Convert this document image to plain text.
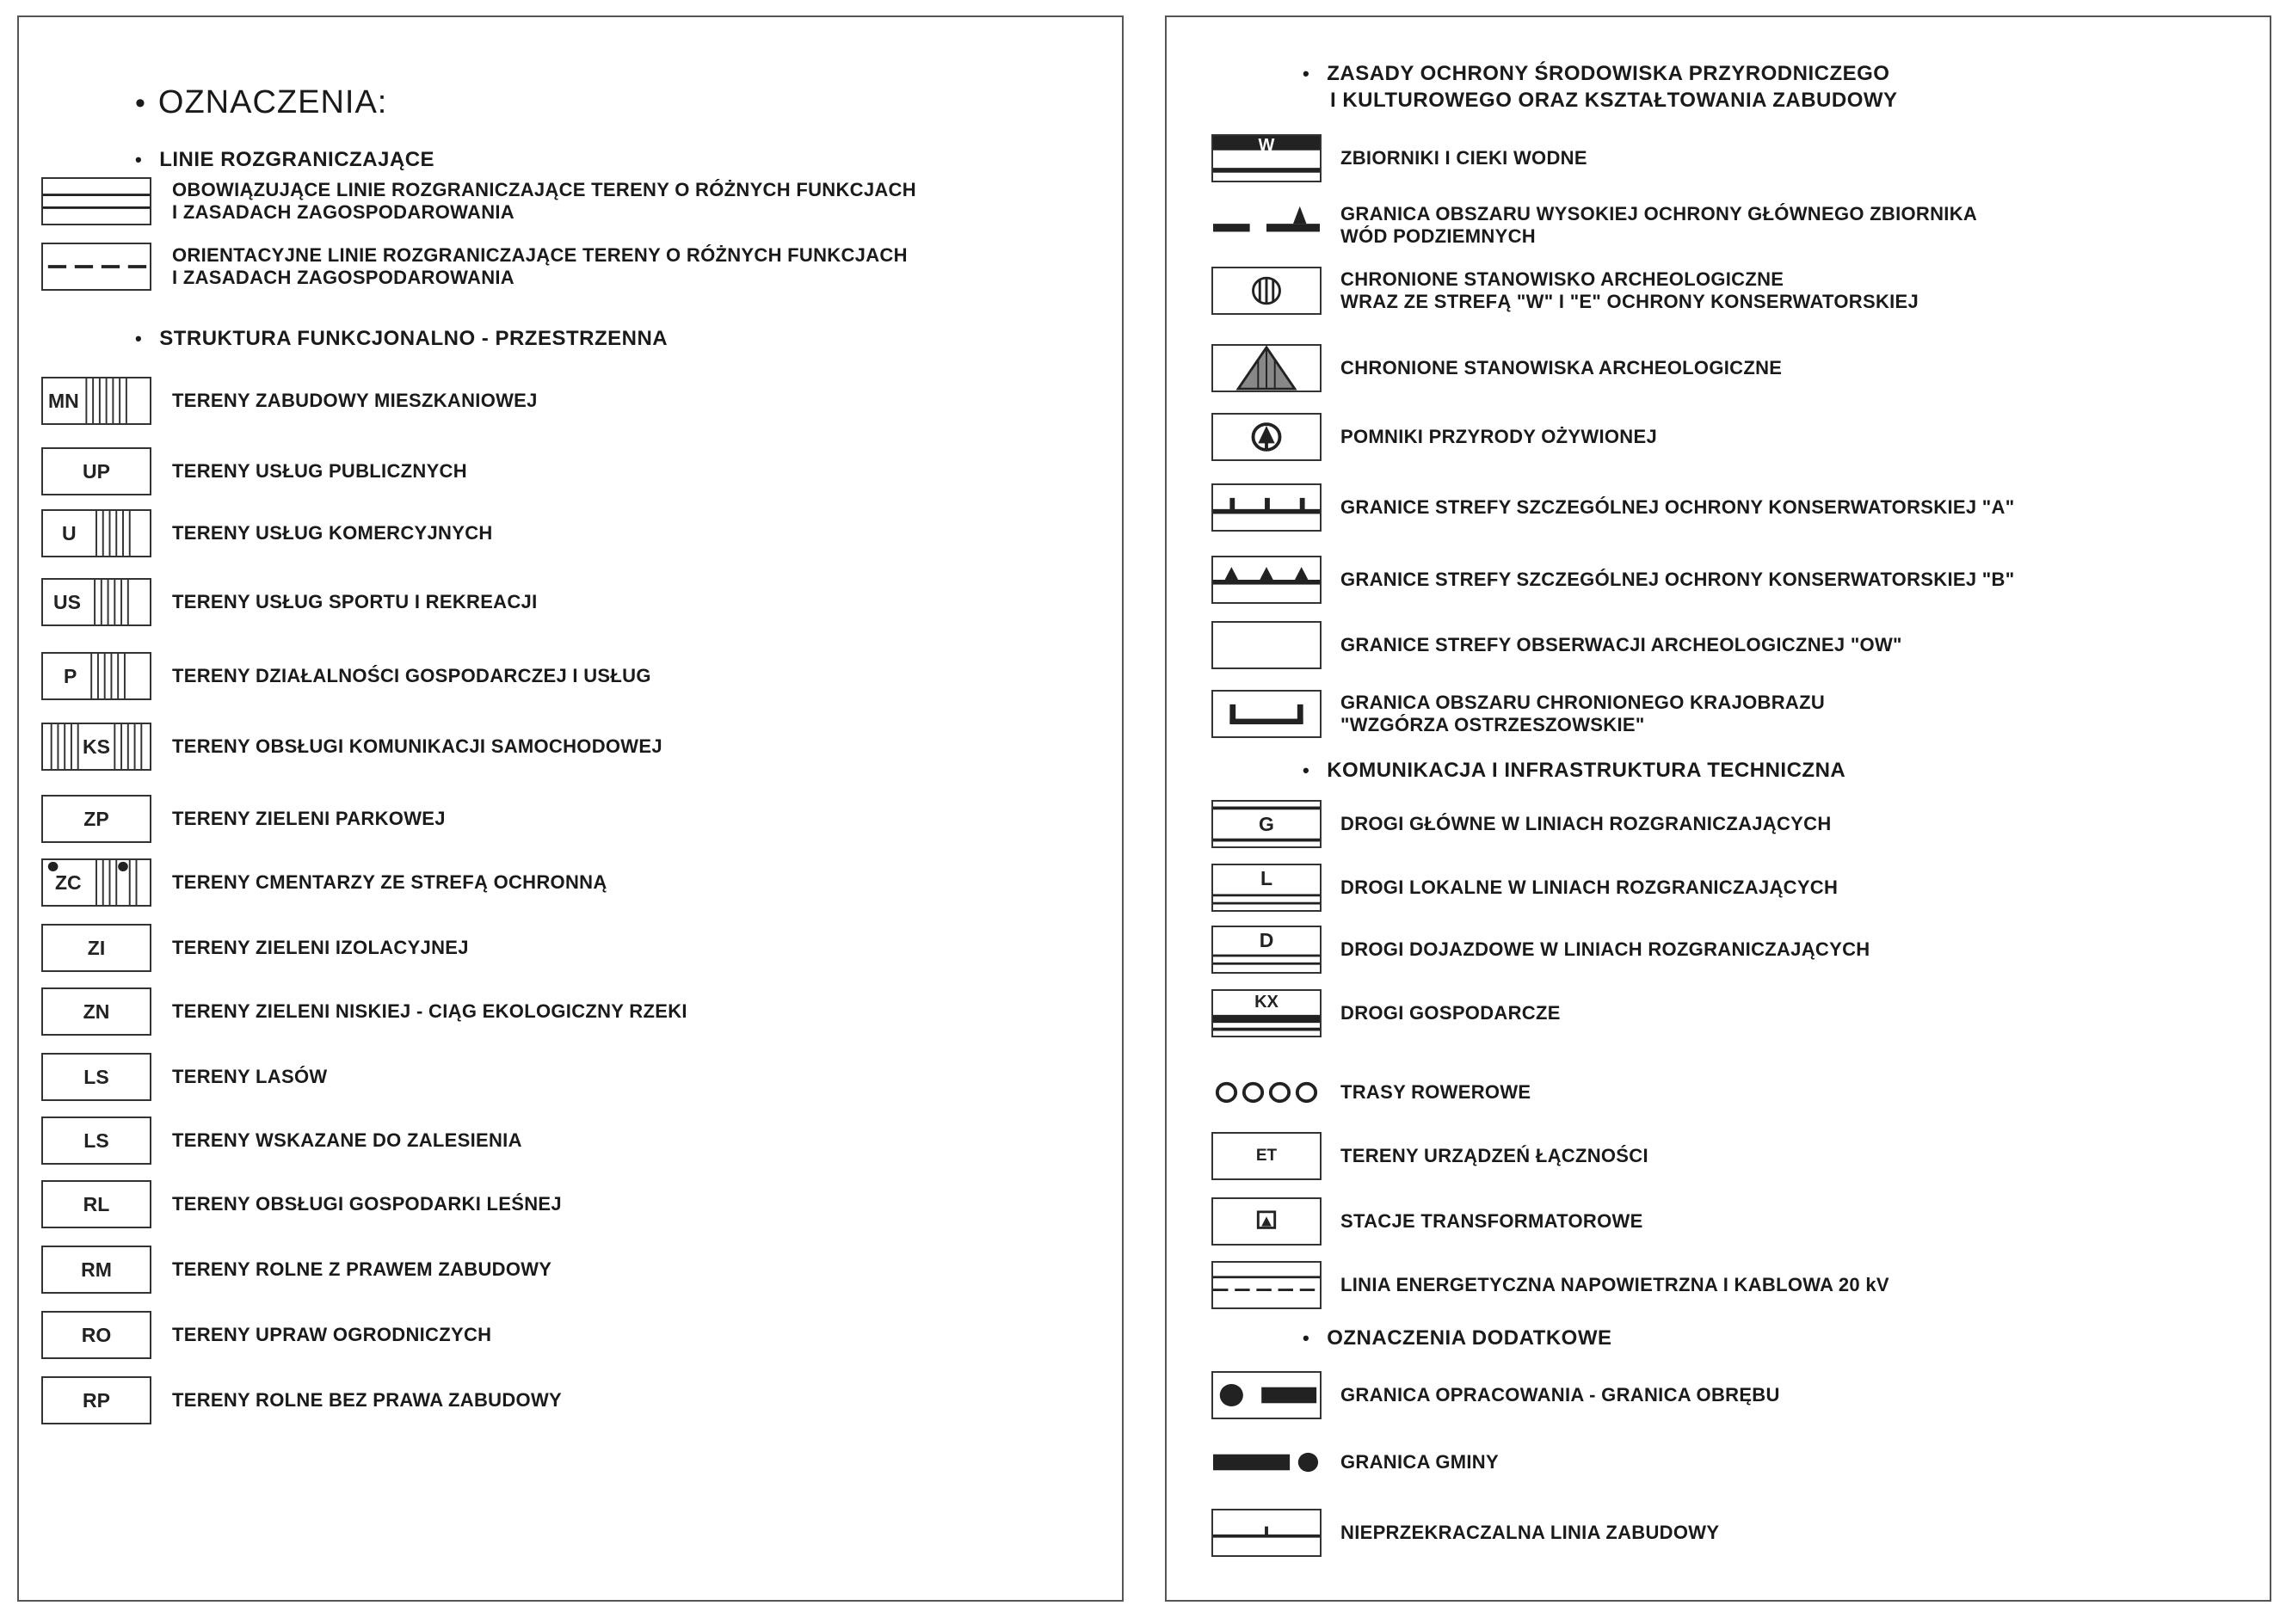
• OZNACZENIA:
• LINIE ROZGRANICZAJĄCE
OBOWIĄZUJĄCE LINIE ROZGRANICZAJĄCE TERENY O RÓŻNYCH FUNKCJACH
I ZASADACH ZAGOSPODAROWANIA
ORIENTACYJNE LINIE ROZGRANICZAJĄCE TERENY O RÓŻNYCH FUNKCJACH
I ZASADACH ZAGOSPODAROWANIA
• STRUKTURA FUNKCJONALNO - PRZESTRZENNA
MN	TERENY ZABUDOWY MIESZKANIOWEJ
UP	TERENY USŁUG PUBLICZNYCH
U	TERENY USŁUG KOMERCYJNYCH
US	TERENY USŁUG SPORTU I REKREACJI
P	TERENY DZIAŁALNOŚCI GOSPODARCZEJ I USŁUG
KS	TERENY OBSŁUGI KOMUNIKACJI SAMOCHODOWEJ
ZP	TERENY ZIELENI PARKOWEJ
ZC	TERENY CMENTARZY ZE STREFĄ OCHRONNĄ
ZI	TERENY ZIELENI IZOLACYJNEJ
ZN	TERENY ZIELENI NISKIEJ - CIĄG EKOLOGICZNY RZEKI
LS	TERENY LASÓW
LS	TERENY WSKAZANE DO ZALESIENIA
RL	TERENY OBSŁUGI GOSPODARKI LEŚNEJ
RM	TERENY ROLNE Z PRAWEM ZABUDOWY
RO	TERENY UPRAW OGRODNICZYCH
RP	TERENY ROLNE BEZ PRAWA ZABUDOWY
• ZASADY OCHRONY ŚRODOWISKA PRZYRODNICZEGO
I KULTUROWEGO ORAZ KSZTAŁTOWANIA ZABUDOWY
W
ZBIORNIKI I CIEKI WODNE
GRANICA OBSZARU WYSOKIEJ OCHRONY GŁÓWNEGO ZBIORNIKA
WÓD PODZIEMNYCH
CHRONIONE STANOWISKO ARCHEOLOGICZNE
WRAZ ZE STREFĄ "W" I "E" OCHRONY KONSERWATORSKIEJ
CHRONIONE STANOWISKA ARCHEOLOGICZNE
POMNIKI PRZYRODY OŻYWIONEJ
GRANICE STREFY SZCZEGÓLNEJ OCHRONY KONSERWATORSKIEJ "A"
GRANICE STREFY SZCZEGÓLNEJ OCHRONY KONSERWATORSKIEJ "B"
GRANICE STREFY OBSERWACJI ARCHEOLOGICZNEJ "OW"
GRANICA OBSZARU CHRONIONEGO KRAJOBRAZU
"WZGÓRZA OSTRZESZOWSKIE"
• KOMUNIKACJA I INFRASTRUKTURA TECHNICZNA
G	DROGI GŁÓWNE W LINIACH ROZGRANICZAJĄCYCH
L	DROGI LOKALNE W LINIACH ROZGRANICZAJĄCYCH
D	DROGI DOJAZDOWE W LINIACH ROZGRANICZAJĄCYCH
KX	DROGI GOSPODARCZE
TRASY ROWEROWE
ET	TERENY URZĄDZEŃ ŁĄCZNOŚCI
STACJE TRANSFORMATOROWE
LINIA ENERGETYCZNA NAPOWIETRZNA I KABLOWA 20 kV
• OZNACZENIA DODATKOWE
GRANICA OPRACOWANIA - GRANICA OBRĘBU
GRANICA GMINY
NIEPRZEKRACZALNA LINIA ZABUDOWY
